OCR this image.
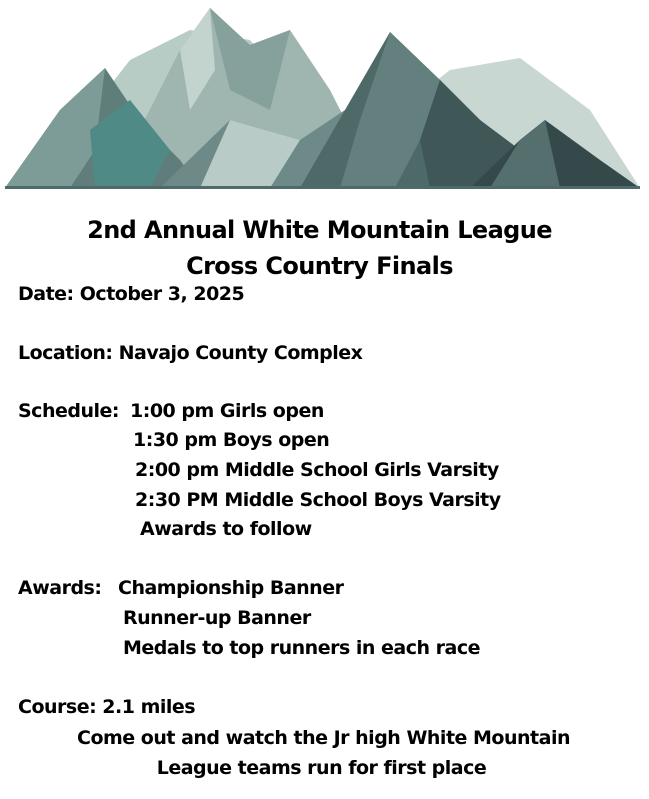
2nd Annual White Mountain League
Cross Country Finals
Date: October 3, 2025
Location: Navajo County Complex
Schedule: 1:00 pm Girls open
1:30 pm Boys open
2:00 pm Middle School Girls Varsity
2:30 PM Middle School Boys Varsity
Awards to follow
Awards: Championship Banner
Runner-up Banner
Medals to top runners in each race
Course: 2.1 miles
Come out and watch the Jr high White Mountain
League teams run for first place
